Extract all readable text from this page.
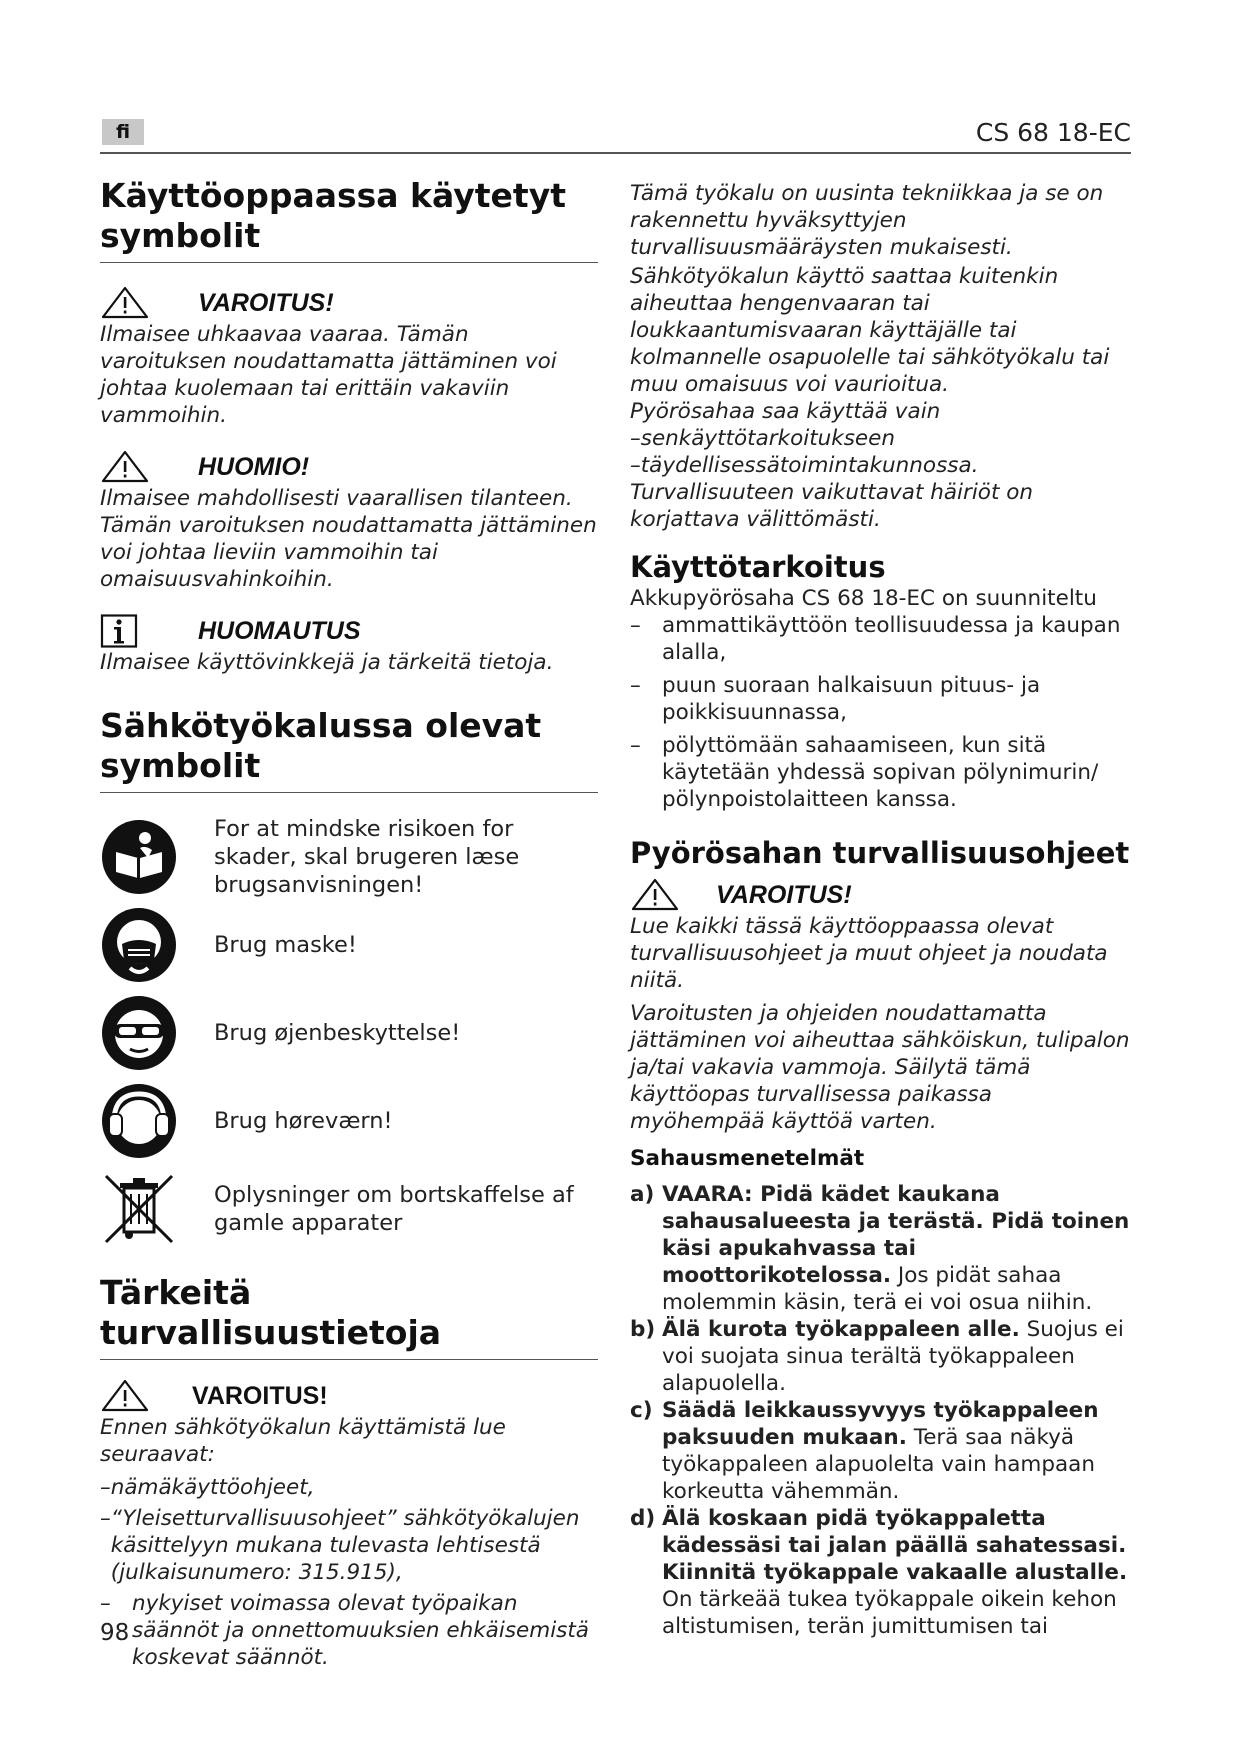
fi	CS 68 18-EC
Käyttöoppaassa käytetyt symbolit
VAROITUS!
Ilmaisee uhkaavaa vaaraa. Tämän varoituksen noudattamatta jättäminen voi johtaa kuolemaan tai erittäin vakaviin vammoihin.
HUOMIO!
Ilmaisee mahdollisesti vaarallisen tilanteen. Tämän varoituksen noudattamatta jättäminen voi johtaa lieviin vammoihin tai omaisuusvahinkoihin.
HUOMAUTUS
Ilmaisee käyttövinkkejä ja tärkeitä tietoja.
Sähkötyökalussa olevat symbolit
For at mindske risikoen for skader, skal brugeren læse brugsanvisningen!
Brug maske!
Brug øjenbeskyttelse!
Brug høreværn!
Oplysninger om bortskaffelse af gamle apparater
Tärkeitä turvallisuustietoja
VAROITUS!
Ennen sähkötyökalun käyttämistä lue seuraavat:
– nämäkäyttöohjeet,
– “Yleisetturvallisuusohjeet” sähkötyökalujen käsittelyyn mukana tulevasta lehtisestä (julkaisunumero: 315.915),
– nykyiset voimassa olevat työpaikan säännöt ja onnettomuuksien ehkäisemistä koskevat säännöt.
Tämä työkalu on uusinta tekniikkaa ja se on rakennettu hyväksyttyjen turvallisuusmääräysten mukaisesti.
Sähkötyökalun käyttö saattaa kuitenkin aiheuttaa hengenvaaran tai loukkaantumisvaaran käyttäjälle tai kolmannelle osapuolelle tai sähkötyökalu tai muu omaisuus voi vaurioitua.
Pyörösahaa saa käyttää vain
–senkäyttötarkoitukseen
–täydellisessätoimintakunnossa.
Turvallisuuteen vaikuttavat häiriöt on korjattava välittömästi.
Käyttötarkoitus
Akkupyörösaha CS 68 18-EC on suunniteltu
– ammattikäyttöön teollisuudessa ja kaupan alalla,
– puun suoraan halkaisuun pituus- ja poikkisuunnassa,
– pölyttömään sahaamiseen, kun sitä käytetään yhdessä sopivan pölynimurin/ pölynpoistolaitteen kanssa.
Pyörösahan turvallisuusohjeet
VAROITUS!
Lue kaikki tässä käyttöoppaassa olevat turvallisuusohjeet ja muut ohjeet ja noudata niitä.
Varoitusten ja ohjeiden noudattamatta jättäminen voi aiheuttaa sähköiskun, tulipalon ja/tai vakavia vammoja. Säilytä tämä käyttöopas turvallisessa paikassa myöhempää käyttöä varten.
Sahausmenetelmät
a) VAARA: Pidä kädet kaukana sahausalueesta ja terästä. Pidä toinen käsi apukahvassa tai moottorikotelossa. Jos pidät sahaa molemmin käsin, terä ei voi osua niihin.
b) Älä kurota työkappaleen alle. Suojus ei voi suojata sinua terältä työkappaleen alapuolella.
c) Säädä leikkaussyvyys työkappaleen paksuuden mukaan. Terä saa näkyä työkappaleen alapuolelta vain hampaan korkeutta vähemmän.
d) Älä koskaan pidä työkappaletta kädessäsi tai jalan päällä sahatessasi. Kiinnitä työkappale vakaalle alustalle. On tärkeää tukea työkappale oikein kehon altistumisen, terän jumittumisen tai
98
